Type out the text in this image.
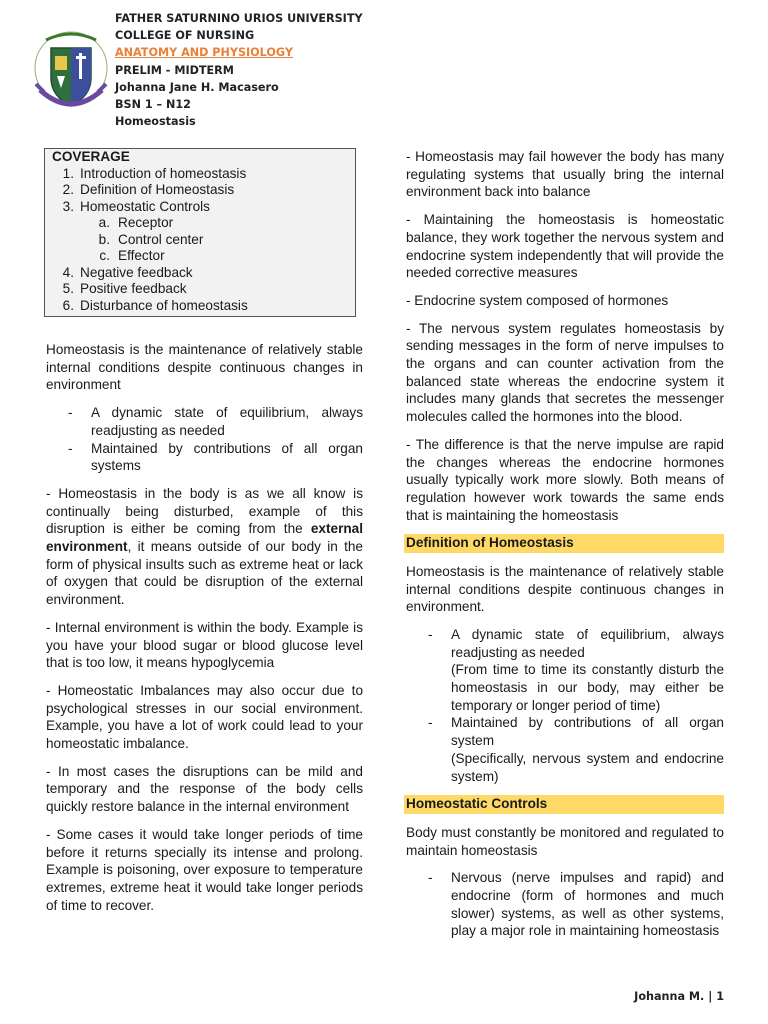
FATHER SATURNINO URIOS UNIVERSITY
COLLEGE OF NURSING
ANATOMY AND PHYSIOLOGY
PRELIM - MIDTERM
Johanna Jane H. Macasero
BSN 1 – N12
Homeostasis
COVERAGE
1. Introduction of homeostasis
2. Definition of Homeostasis
3. Homeostatic Controls
a. Receptor
b. Control center
c. Effector
4. Negative feedback
5. Positive feedback
6. Disturbance of homeostasis

Homeostasis is the maintenance of relatively stable internal conditions despite continuous changes in environment

- A dynamic state of equilibrium, always readjusting as needed
- Maintained by contributions of all organ systems

- Homeostasis in the body is as we all know is continually being disturbed, example of this disruption is either be coming from the external environment, it means outside of our body in the form of physical insults such as extreme heat or lack of oxygen that could be disruption of the external environment.

- Internal environment is within the body. Example is you have your blood sugar or blood glucose level that is too low, it means hypoglycemia

- Homeostatic Imbalances may also occur due to psychological stresses in our social environment. Example, you have a lot of work could lead to your homeostatic imbalance.

- In most cases the disruptions can be mild and temporary and the response of the body cells quickly restore balance in the internal environment

- Some cases it would take longer periods of time before it returns specially its intense and prolong. Example is poisoning, over exposure to temperature extremes, extreme heat it would take longer periods of time to recover.

- Homeostasis may fail however the body has many regulating systems that usually bring the internal environment back into balance

- Maintaining the homeostasis is homeostatic balance, they work together the nervous system and endocrine system independently that will provide the needed corrective measures

- Endocrine system composed of hormones

- The nervous system regulates homeostasis by sending messages in the form of nerve impulses to the organs and can counter activation from the balanced state whereas the endocrine system it includes many glands that secretes the messenger molecules called the hormones into the blood.

- The difference is that the nerve impulse are rapid the changes whereas the endocrine hormones usually typically work more slowly. Both means of regulation however work towards the same ends that is maintaining the homeostasis

Definition of Homeostasis

Homeostasis is the maintenance of relatively stable internal conditions despite continuous changes in environment.

- A dynamic state of equilibrium, always readjusting as needed
(From time to time its constantly disturb the homeostasis in our body, may either be temporary or longer period of time)
- Maintained by contributions of all organ system
(Specifically, nervous system and endocrine system)
Homeostatic Controls

Body must constantly be monitored and regulated to maintain homeostasis

- Nervous (nerve impulses and rapid) and endocrine (form of hormones and much slower) systems, as well as other systems, play a major role in maintaining homeostasis
Johanna M. | 1
